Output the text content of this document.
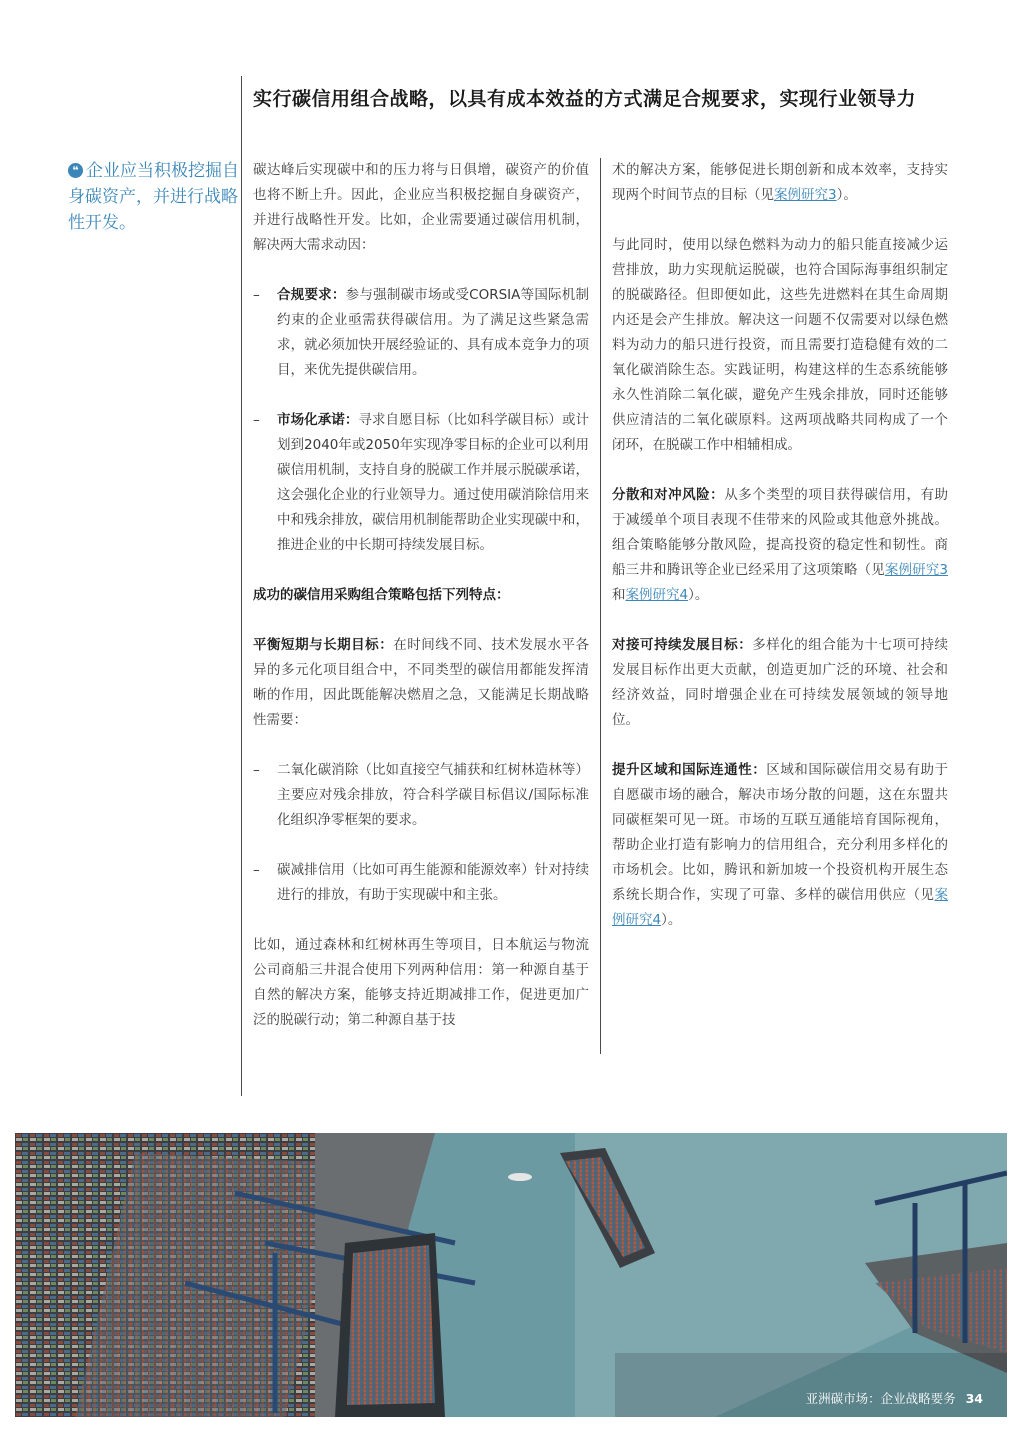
实行碳信用组合战略，以具有成本效益的方式满足合规要求，实现行业领导力
❝ 企业应当积极挖掘自身碳资产，并进行战略性开发。

碳达峰后实现碳中和的压力将与日俱增，碳资产的价值也将不断上升。因此，企业应当积极挖掘自身碳资产，并进行战略性开发。比如，企业需要通过碳信用机制，解决两大需求动因：

– 合规要求：参与强制碳市场或受CORSIA等国际机制约束的企业亟需获得碳信用。为了满足这些紧急需求，就必须加快开展经验证的、具有成本竞争力的项目，来优先提供碳信用。
– 市场化承诺：寻求自愿目标（比如科学碳目标）或计划到2040年或2050年实现净零目标的企业可以利用碳信用机制，支持自身的脱碳工作并展示脱碳承诺，这会强化企业的行业领导力。通过使用碳消除信用来中和残余排放，碳信用机制能帮助企业实现碳中和，推进企业的中长期可持续发展目标。

成功的碳信用采购组合策略包括下列特点：

平衡短期与长期目标：在时间线不同、技术发展水平各异的多元化项目组合中，不同类型的碳信用都能发挥清晰的作用，因此既能解决燃眉之急，又能满足长期战略性需要：

– 二氧化碳消除（比如直接空气捕获和红树林造林等）主要应对残余排放，符合科学碳目标倡议/国际标准化组织净零框架的要求。
– 碳减排信用（比如可再生能源和能源效率）针对持续进行的排放，有助于实现碳中和主张。

比如，通过森林和红树林再生等项目，日本航运与物流公司商船三井混合使用下列两种信用：第一种源自基于自然的解决方案，能够支持近期减排工作，促进更加广泛的脱碳行动；第二种源自基于技

术的解决方案，能够促进长期创新和成本效率，支持实现两个时间节点的目标（见案例研究3）。

与此同时，使用以绿色燃料为动力的船只能直接减少运营排放，助力实现航运脱碳，也符合国际海事组织制定的脱碳路径。但即便如此，这些先进燃料在其生命周期内还是会产生排放。解决这一问题不仅需要对以绿色燃料为动力的船只进行投资，而且需要打造稳健有效的二氧化碳消除生态。实践证明，构建这样的生态系统能够永久性消除二氧化碳，避免产生残余排放，同时还能够供应清洁的二氧化碳原料。这两项战略共同构成了一个闭环，在脱碳工作中相辅相成。

分散和对冲风险：从多个类型的项目获得碳信用，有助于减缓单个项目表现不佳带来的风险或其他意外挑战。组合策略能够分散风险，提高投资的稳定性和韧性。商船三井和腾讯等企业已经采用了这项策略（见案例研究3和案例研究4）。

对接可持续发展目标：多样化的组合能为十七项可持续发展目标作出更大贡献，创造更加广泛的环境、社会和经济效益，同时增强企业在可持续发展领域的领导地位。

提升区域和国际连通性：区域和国际碳信用交易有助于自愿碳市场的融合，解决市场分散的问题，这在东盟共同碳框架可见一斑。市场的互联互通能培育国际视角，帮助企业打造有影响力的信用组合，充分利用多样化的市场机会。比如，腾讯和新加坡一个投资机构开展生态系统长期合作，实现了可靠、多样的碳信用供应（见案例研究4）。

亚洲碳市场：企业战略要务 34
